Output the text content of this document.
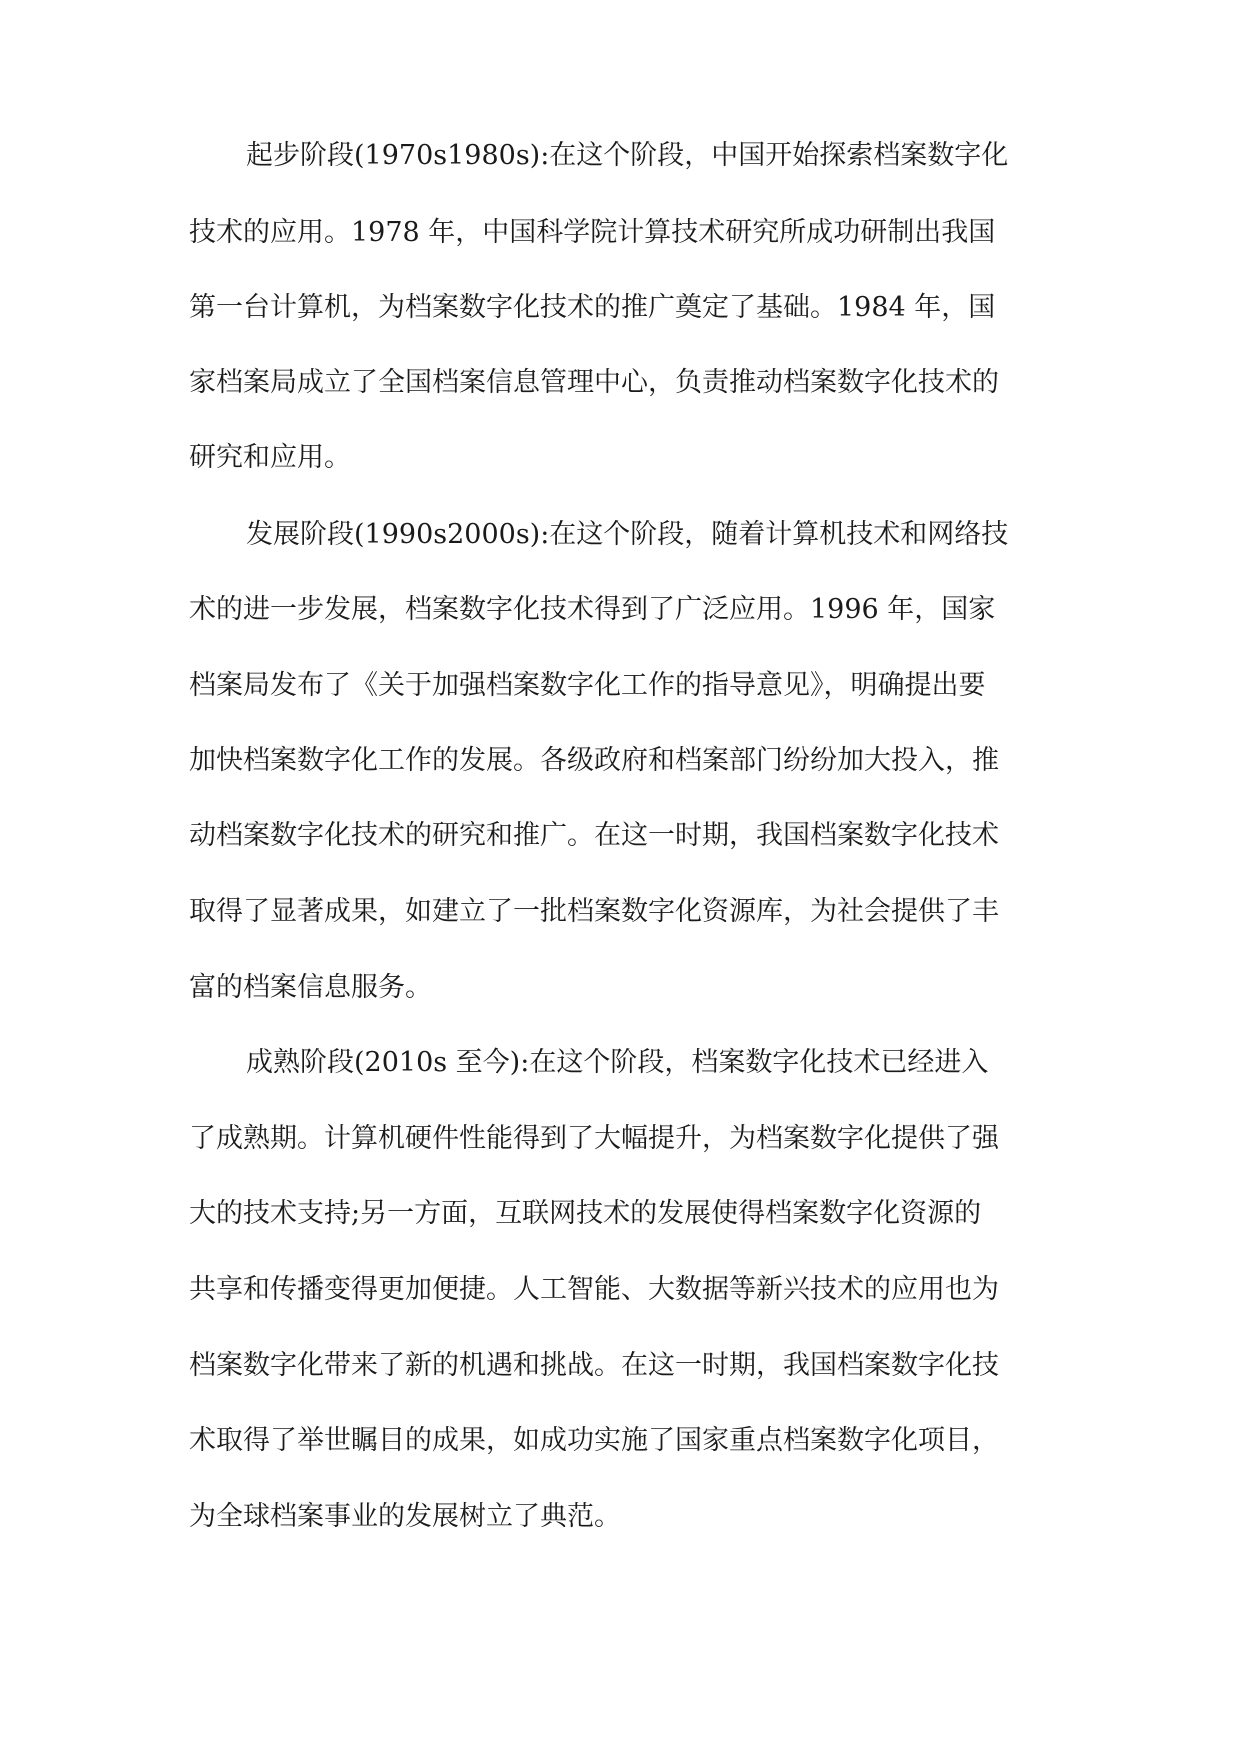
起步阶段(1970s1980s):在这个阶段，中国开始探索档案数字化
技术的应用。1978 年，中国科学院计算技术研究所成功研制出我国
第一台计算机，为档案数字化技术的推广奠定了基础。1984 年，国
家档案局成立了全国档案信息管理中心，负责推动档案数字化技术的
研究和应用。
发展阶段(1990s2000s):在这个阶段，随着计算机技术和网络技
术的进一步发展，档案数字化技术得到了广泛应用。1996 年，国家
档案局发布了《关于加强档案数字化工作的指导意见》，明确提出要
加快档案数字化工作的发展。各级政府和档案部门纷纷加大投入，推
动档案数字化技术的研究和推广。在这一时期，我国档案数字化技术
取得了显著成果，如建立了一批档案数字化资源库，为社会提供了丰
富的档案信息服务。
成熟阶段(2010s 至今):在这个阶段，档案数字化技术已经进入
了成熟期。计算机硬件性能得到了大幅提升，为档案数字化提供了强
大的技术支持;另一方面，互联网技术的发展使得档案数字化资源的
共享和传播变得更加便捷。人工智能、大数据等新兴技术的应用也为
档案数字化带来了新的机遇和挑战。在这一时期，我国档案数字化技
术取得了举世瞩目的成果，如成功实施了国家重点档案数字化项目，
为全球档案事业的发展树立了典范。
